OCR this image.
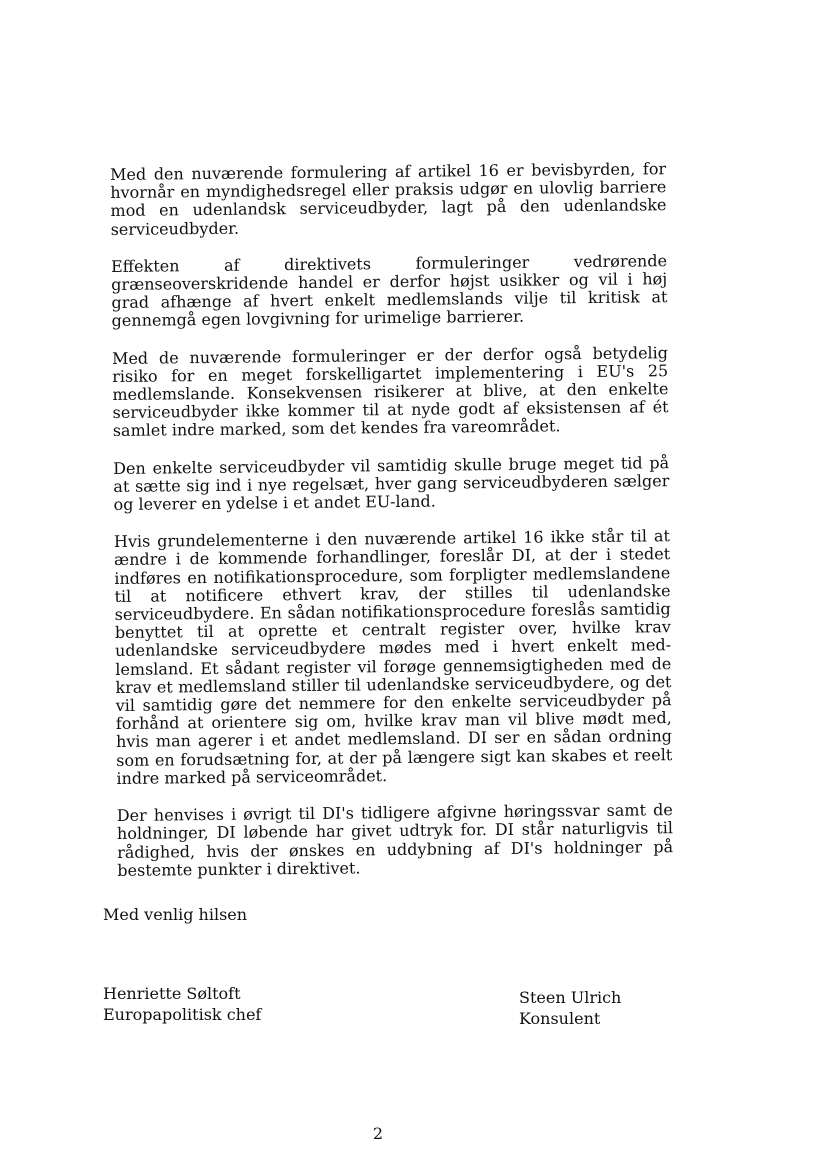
Med den nuværende formulering af artikel 16 er bevisbyrden, for hvornår en myndighedsregel eller praksis udgør en ulovlig barriere mod en udenlandsk serviceudbyder, lagt på den udenlandske serviceudbyder.

Effekten af direktivets formuleringer vedrørende grænseoverskridende handel er derfor højst usikker og vil i høj grad afhænge af hvert enkelt medlemslands vilje til kritisk at gennemgå egen lovgivning for urimelige barrierer.

Med de nuværende formuleringer er der derfor også betydelig risiko for en meget forskelligartet implementering i EU's 25 medlemslande. Konsekvensen risikerer at blive, at den enkelte serviceudbyder ikke kommer til at nyde godt af eksistensen af ét samlet indre marked, som det kendes fra vareområdet.

Den enkelte serviceudbyder vil samtidig skulle bruge meget tid på at sætte sig ind i nye regelsæt, hver gang serviceudbyderen sælger og leverer en ydelse i et andet EU-land.

Hvis grundelementerne i den nuværende artikel 16 ikke står til at ændre i de kommende forhandlinger, foreslår DI, at der i stedet indføres en notifikationsprocedure, som forpligter medlemslandene til at notificere ethvert krav, der stilles til udenlandske serviceudbydere. En sådan notifikationsprocedure foreslås samtidig benyttet til at oprette et centralt register over, hvilke krav udenlandske serviceudbydere mødes med i hvert enkelt medlemsland. Et sådant register vil forøge gennemsigtigheden med de krav et medlemsland stiller til udenlandske serviceudbydere, og det vil samtidig gøre det nemmere for den enkelte serviceudbyder på forhånd at orientere sig om, hvilke krav man vil blive mødt med, hvis man agerer i et andet medlemsland. DI ser en sådan ordning som en forudsætning for, at der på længere sigt kan skabes et reelt indre marked på serviceområdet.

Der henvises i øvrigt til DI's tidligere afgivne høringssvar samt de holdninger, DI løbende har givet udtryk for. DI står naturligvis til rådighed, hvis der ønskes en uddybning af DI's holdninger på bestemte punkter i direktivet.

Med venlig hilsen

Henriette Søltoft
Europapolitisk chef
Steen Ulrich
Konsulent
2
